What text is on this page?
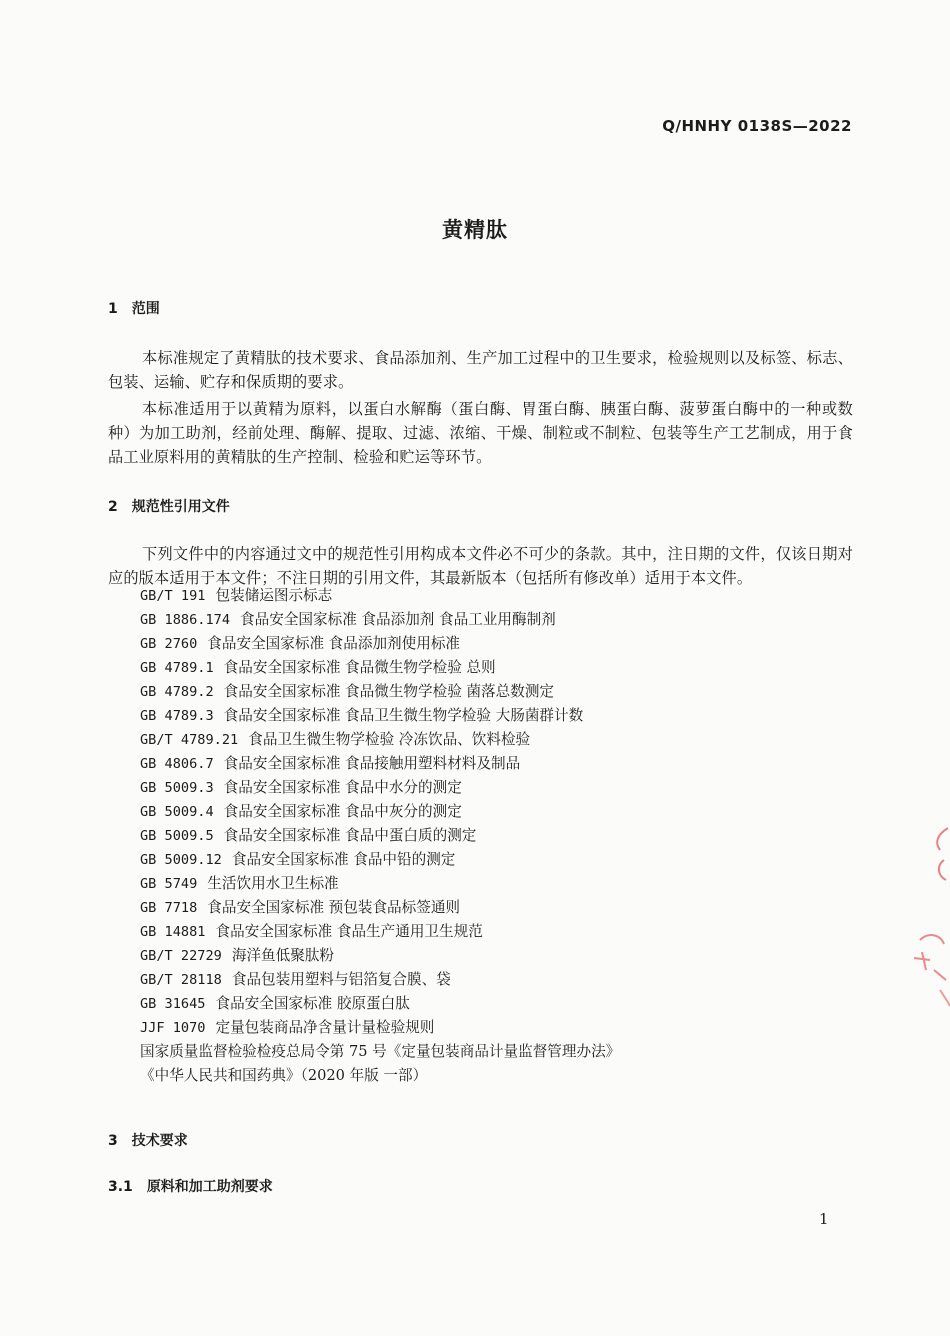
Q/HNHY 0138S—2022
黄精肽
1 范围
本标准规定了黄精肽的技术要求、食品添加剂、生产加工过程中的卫生要求，检验规则以及标签、标志、包装、运输、贮存和保质期的要求。
本标准适用于以黄精为原料，以蛋白水解酶（蛋白酶、胃蛋白酶、胰蛋白酶、菠萝蛋白酶中的一种或数种）为加工助剂，经前处理、酶解、提取、过滤、浓缩、干燥、制粒或不制粒、包装等生产工艺制成，用于食品工业原料用的黄精肽的生产控制、检验和贮运等环节。
2 规范性引用文件
下列文件中的内容通过文中的规范性引用构成本文件必不可少的条款。其中，注日期的文件，仅该日期对应的版本适用于本文件；不注日期的引用文件，其最新版本（包括所有修改单）适用于本文件。
GB/T 191 包装储运图示标志
GB 1886.174 食品安全国家标准 食品添加剂 食品工业用酶制剂
GB 2760 食品安全国家标准 食品添加剂使用标准
GB 4789.1 食品安全国家标准 食品微生物学检验 总则
GB 4789.2 食品安全国家标准 食品微生物学检验 菌落总数测定
GB 4789.3 食品安全国家标准 食品卫生微生物学检验 大肠菌群计数
GB/T 4789.21 食品卫生微生物学检验 冷冻饮品、饮料检验
GB 4806.7 食品安全国家标准 食品接触用塑料材料及制品
GB 5009.3 食品安全国家标准 食品中水分的测定
GB 5009.4 食品安全国家标准 食品中灰分的测定
GB 5009.5 食品安全国家标准 食品中蛋白质的测定
GB 5009.12 食品安全国家标准 食品中铅的测定
GB 5749 生活饮用水卫生标准
GB 7718 食品安全国家标准 预包装食品标签通则
GB 14881 食品安全国家标准 食品生产通用卫生规范
GB/T 22729 海洋鱼低聚肽粉
GB/T 28118 食品包装用塑料与铝箔复合膜、袋
GB 31645 食品安全国家标准 胶原蛋白肽
JJF 1070 定量包装商品净含量计量检验规则
国家质量监督检验检疫总局令第 75 号《定量包装商品计量监督管理办法》
《中华人民共和国药典》（2020 年版 一部）
3 技术要求
3.1 原料和加工助剂要求
1
